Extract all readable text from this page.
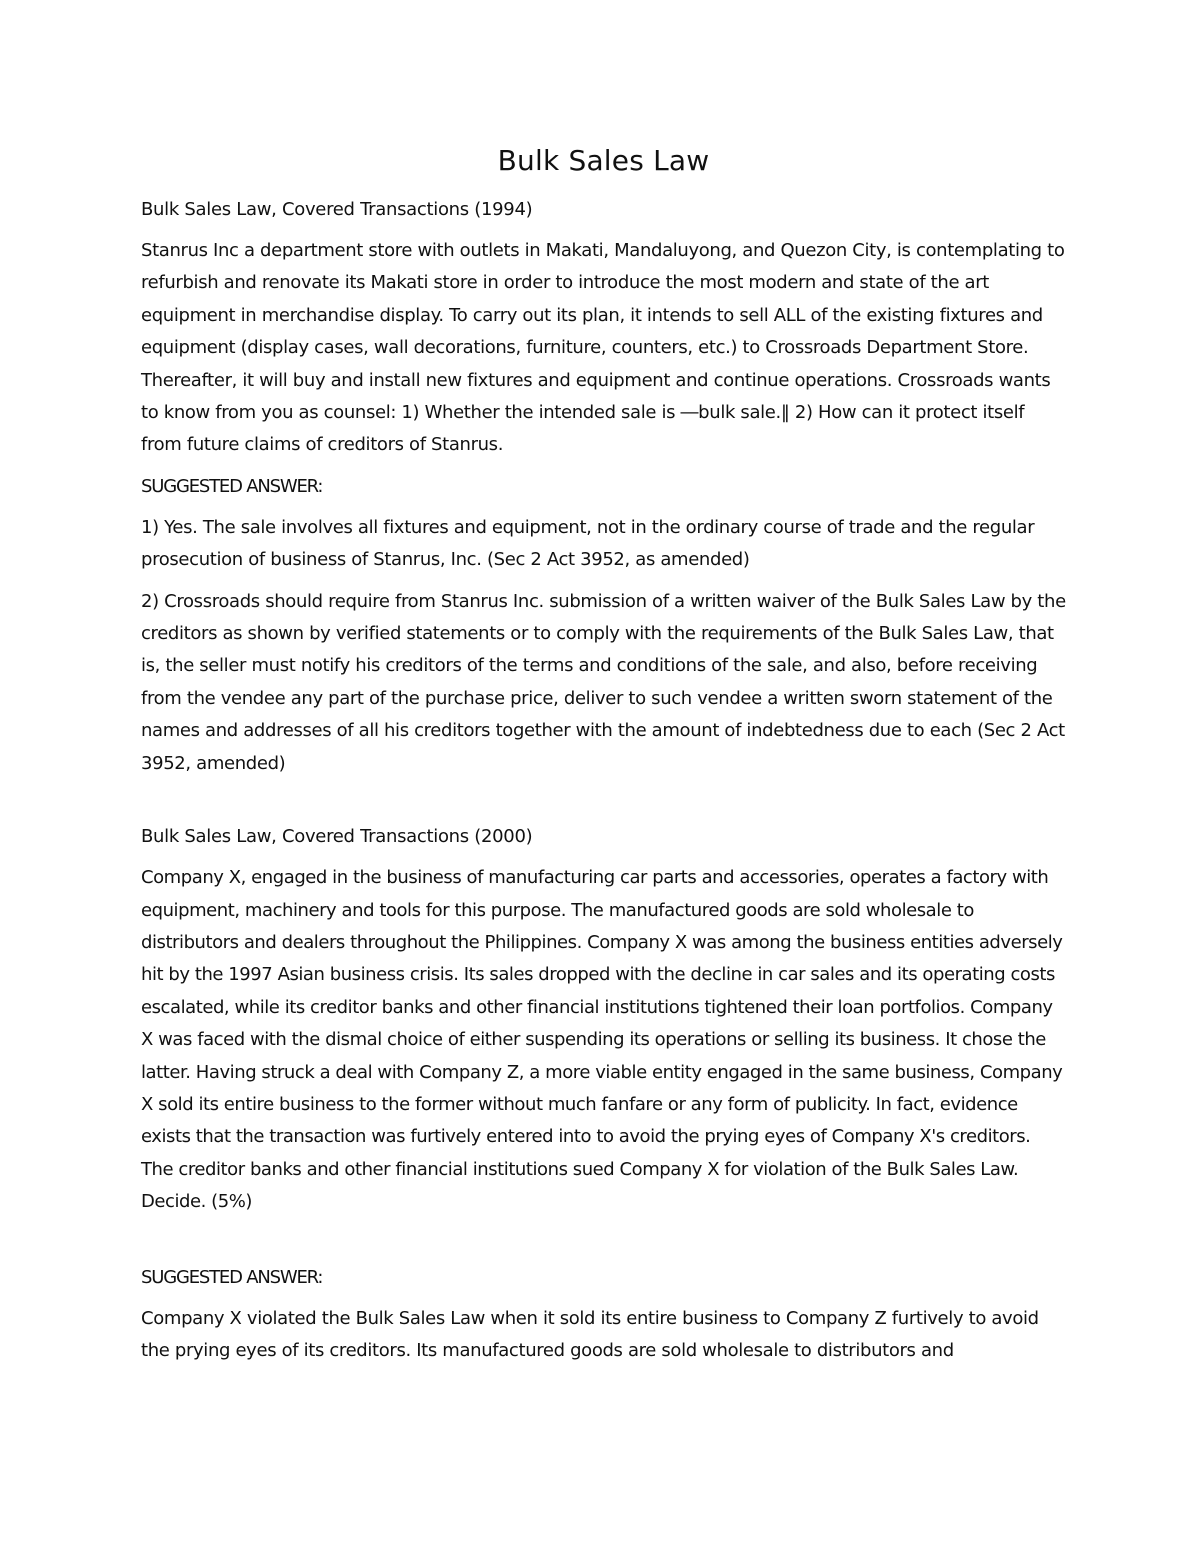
Bulk Sales Law

Bulk Sales Law, Covered Transactions (1994)

Stanrus Inc a department store with outlets in Makati, Mandaluyong, and Quezon City, is contemplating to refurbish and renovate its Makati store in order to introduce the most modern and state of the art equipment in merchandise display. To carry out its plan, it intends to sell ALL of the existing fixtures and equipment (display cases, wall decorations, furniture, counters, etc.) to Crossroads Department Store. Thereafter, it will buy and install new fixtures and equipment and continue operations. Crossroads wants to know from you as counsel: 1) Whether the intended sale is ―bulk sale.‖ 2) How can it protect itself from future claims of creditors of Stanrus.

SUGGESTED ANSWER:

1) Yes. The sale involves all fixtures and equipment, not in the ordinary course of trade and the regular prosecution of business of Stanrus, Inc. (Sec 2 Act 3952, as amended)

2) Crossroads should require from Stanrus Inc. submission of a written waiver of the Bulk Sales Law by the creditors as shown by verified statements or to comply with the requirements of the Bulk Sales Law, that is, the seller must notify his creditors of the terms and conditions of the sale, and also, before receiving from the vendee any part of the purchase price, deliver to such vendee a written sworn statement of the names and addresses of all his creditors together with the amount of indebtedness due to each (Sec 2 Act 3952, amended)

Bulk Sales Law, Covered Transactions (2000)

Company X, engaged in the business of manufacturing car parts and accessories, operates a factory with equipment, machinery and tools for this purpose. The manufactured goods are sold wholesale to distributors and dealers throughout the Philippines. Company X was among the business entities adversely hit by the 1997 Asian business crisis. Its sales dropped with the decline in car sales and its operating costs escalated, while its creditor banks and other financial institutions tightened their loan portfolios. Company X was faced with the dismal choice of either suspending its operations or selling its business. It chose the latter. Having struck a deal with Company Z, a more viable entity engaged in the same business, Company X sold its entire business to the former without much fanfare or any form of publicity. In fact, evidence exists that the transaction was furtively entered into to avoid the prying eyes of Company X's creditors. The creditor banks and other financial institutions sued Company X for violation of the Bulk Sales Law. Decide. (5%)

SUGGESTED ANSWER:

Company X violated the Bulk Sales Law when it sold its entire business to Company Z furtively to avoid the prying eyes of its creditors. Its manufactured goods are sold wholesale to distributors and
